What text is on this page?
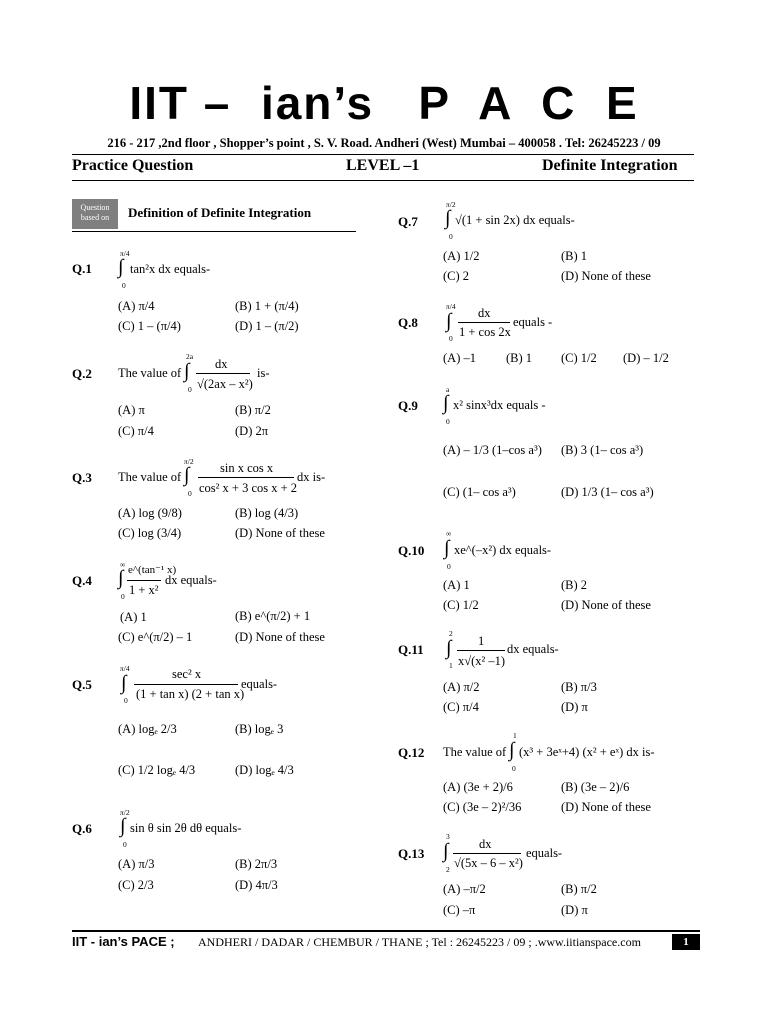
IIT –  ian’s   P  A  C  E
216 - 217 ,2nd floor , Shopper’s point , S. V. Road. Andheri (West) Mumbai – 400058 . Tel: 26245223 / 09
Practice Question	LEVEL –1	Definite Integration
Question based on	Definition of Definite Integration
Q.1
π/4
∫
0
tan²x dx equals-
(A) π/4	(B) 1 + (π/4)
(C) 1 – (π/4)	(D) 1 – (π/2)
Q.2 The value of
2a
∫
0
dx
√(2ax – x²)
is-
(A) π	(B) π/2
(C) π/4	(D) 2π
Q.3 The value of
π/2
∫
0
sin x cos x
cos² x + 3 cos x + 2
dx is-
(A) log (9/8)	(B) log (4/3)
(C) log (3/4)	(D) None of these
Q.4
∞
∫
0
e^(tan⁻¹ x)
1 + x²
dx equals-
(A) 1	(B) e^(π/2) + 1
(C) e^(π/2) – 1	(D) None of these
Q.5
π/4
∫
0
sec² x
(1 + tan x) (2 + tan x)
equals-
(A) logₑ 2/3	(B) logₑ 3
(C) 1/2 logₑ 4/3	(D) logₑ 4/3
Q.6
π/2
∫
0
sin θ sin 2θ dθ equals-
(A) π/3	(B) 2π/3
(C) 2/3	(D) 4π/3
Q.7
π/2
∫
0
√(1 + sin 2x) dx equals-
(A) 1/2	(B) 1
(C) 2	(D) None of these
Q.8
π/4
∫
0
dx
1 + cos 2x
equals -
(A) –1 (B) 1 (C) 1/2 (D) – 1/2
Q.9
a
∫
0
x² sinx³dx equals -
(A) – 1/3 (1–cos a³) (B) 3 (1– cos a³)
(C) (1– cos a³)	(D) 1/3 (1– cos a³)
Q.10
∞
∫
0
xe^(–x²) dx equals-
(A) 1	(B) 2
(C) 1/2	(D) None of these
Q.11
2
∫
1
1
x√(x² –1)
dx equals-
(A) π/2	(B) π/3
(C) π/4	(D) π
Q.12 The value of
1
∫
0
(x³ + 3eˣ+4) (x² + eˣ) dx is-
(A) (3e + 2)/6	(B) (3e – 2)/6
(C) (3e – 2)²/36	(D) None of these
Q.13
3
∫
2
dx
√(5x – 6 – x²)
equals-
(A) –π/2	(B) π/2
(C) –π	(D) π
IIT - ian’s PACE ; ANDHERI / DADAR / CHEMBUR / THANE ; Tel : 26245223 / 09 ; .www.iitianspace.com	1
